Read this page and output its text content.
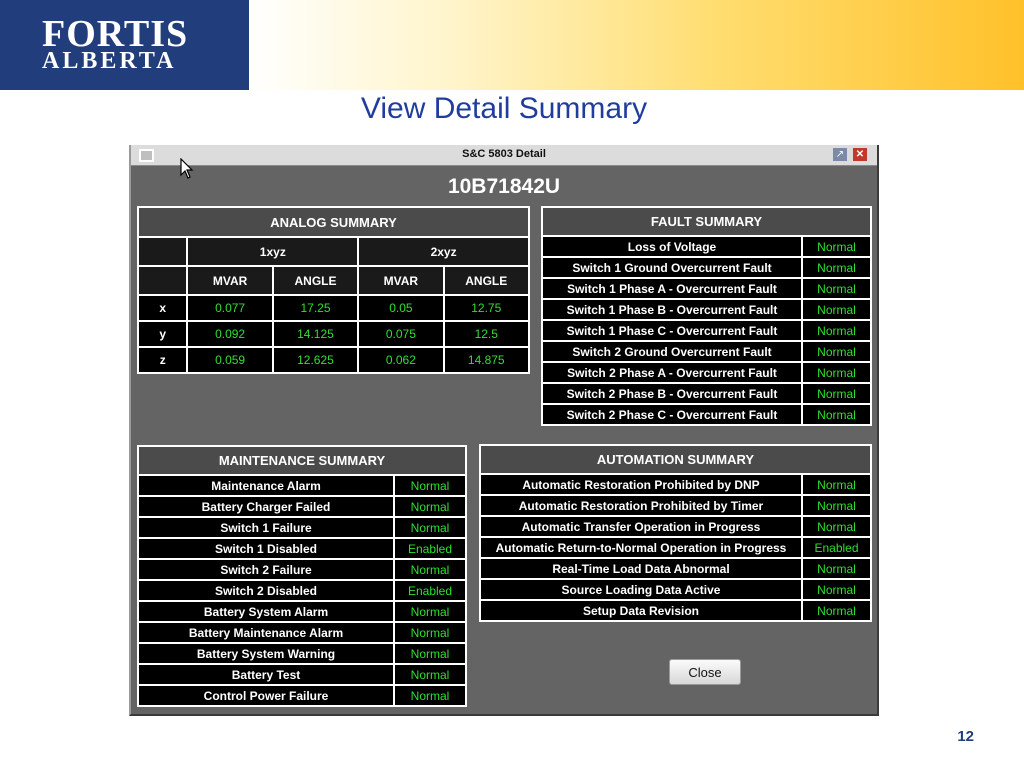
FORTIS
ALBERTA
View Detail Summary
12
S&C 5803 Detail	↗ ✕
10B71842U
ANALOG SUMMARY				
	1xyz		2xyz	
	MVAR	ANGLE	MVAR	ANGLE
x	0.077	17.25	0.05	12.75
y	0.092	14.125	0.075	12.5
z	0.059	12.625	0.062	14.875
FAULT SUMMARY	
Loss of Voltage	Normal
Switch 1 Ground Overcurrent Fault	Normal
Switch 1 Phase A - Overcurrent Fault	Normal
Switch 1 Phase B - Overcurrent Fault	Normal
Switch 1 Phase C - Overcurrent Fault	Normal
Switch 2 Ground Overcurrent Fault	Normal
Switch 2 Phase A - Overcurrent Fault	Normal
Switch 2 Phase B - Overcurrent Fault	Normal
Switch 2 Phase C - Overcurrent Fault	Normal
MAINTENANCE SUMMARY	
Maintenance Alarm	Normal
Battery Charger Failed	Normal
Switch 1 Failure	Normal
Switch 1 Disabled	Enabled
Switch 2 Failure	Normal
Switch 2 Disabled	Enabled
Battery System Alarm	Normal
Battery Maintenance Alarm	Normal
Battery System Warning	Normal
Battery Test	Normal
Control Power Failure	Normal
AUTOMATION SUMMARY	
Automatic Restoration Prohibited by DNP	Normal
Automatic Restoration Prohibited by Timer	Normal
Automatic Transfer Operation in Progress	Normal
Automatic Return-to-Normal Operation in Progress	Enabled
Real-Time Load Data Abnormal	Normal
Source Loading Data Active	Normal
Setup Data Revision	Normal
Close
